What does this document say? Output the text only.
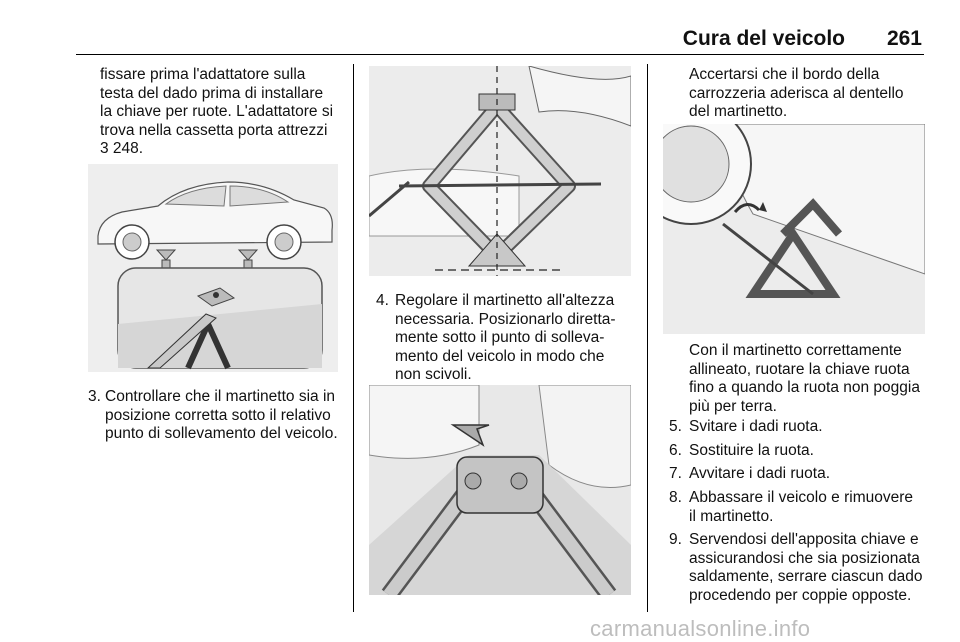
Cura del veicolo 261
fissare prima l'adattatore sulla
testa del dado prima di installare
la chiave per ruote. L'adattatore si
trova nella cassetta porta attrezzi
3 248.
3. Controllare che il martinetto sia in
posizione corretta sotto il relativo
punto di sollevamento del veicolo.
4. Regolare il martinetto all'altezza
necessaria. Posizionarlo diretta-
mente sotto il punto di solleva-
mento del veicolo in modo che
non scivoli.
Accertarsi che il bordo della
carrozzeria aderisca al dentello
del martinetto.
Con il martinetto correttamente
allineato, ruotare la chiave ruota
fino a quando la ruota non poggia
più per terra.
5. Svitare i dadi ruota.
6. Sostituire la ruota.
7. Avvitare i dadi ruota.
8. Abbassare il veicolo e rimuovere
il martinetto.
9. Servendosi dell'apposita chiave e
assicurandosi che sia posizionata
saldamente, serrare ciascun dado
procedendo per coppie opposte.
carmanualsonline.info
